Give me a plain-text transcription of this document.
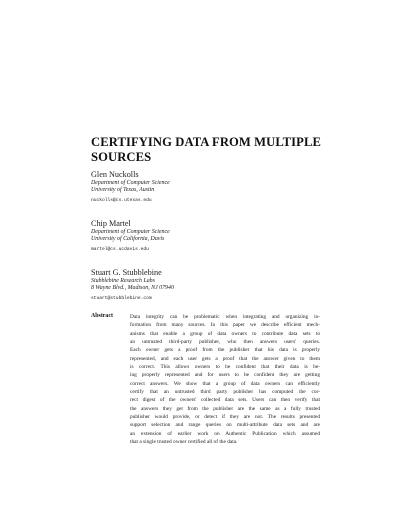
CERTIFYING DATA FROM MULTIPLE
SOURCES
Glen Nuckolls
Department of Computer Science
University of Texas, Austin
nuckolls@cs.utexas.edu
Chip Martel
Department of Computer Science
University of California, Davis
martel@cs.ucdavis.edu
Stuart G. Stubblebine
Stubblebine Research Labs
8 Wayne Blvd., Madison, NJ 07940
stuart@stubblebine.com
Abstract	Data integrity can be problematic when integrating and organizing in-
formation from many sources. In this paper we describe efficient mech-
anisms that enable a group of data owners to contribute data sets to
an untrusted third-party publisher, who then answers users' queries.
Each owner gets a proof from the publisher that his data is properly
represented, and each user gets a proof that the answer given to them
is correct. This allows owners to be confident that their data is be-
ing properly represented and for users to be confident they are getting
correct answers. We show that a group of data owners can efficiently
certify that an untrusted third party publisher has computed the cor-
rect digest of the owners' collected data sets. Users can then verify that
the answers they get from the publisher are the same as a fully trusted
publisher would provide, or detect if they are not. The results presented
support selection and range queries on multi-attribute data sets and are
an extension of earlier work on Authentic Publication which assumed
that a single trusted owner certified all of the data.
